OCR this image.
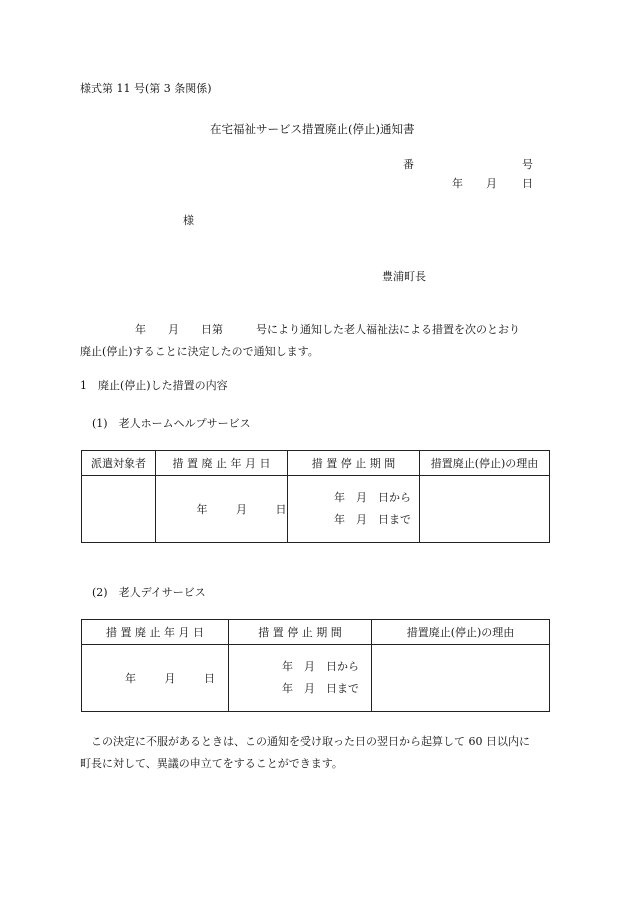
様式第 11 号(第 3 条関係)
在宅福祉サービス措置廃止(停止)通知書
番	号
年 月 日
様
豊浦町長
年　　月　　日第　　　号により通知した老人福祉法による措置を次のとおり
廃止(停止)することに決定したので通知します。
1　廃止(停止)した措置の内容
(1)　老人ホームヘルプサービス
派遣対象者	措 置 廃 止 年 月 日	措 置 停 止 期 間	措置廃止(停止)の理由
	年 月 日	年　月　日から
年　月　日まで	

(2)　老人デイサービス
措 置 廃 止 年 月 日	措 置 停 止 期 間	措置廃止(停止)の理由
年 月 日	年　月　日から
年　月　日まで	

この決定に不服があるときは、この通知を受け取った日の翌日から起算して 60 日以内に
町長に対して、異議の申立てをすることができます。
